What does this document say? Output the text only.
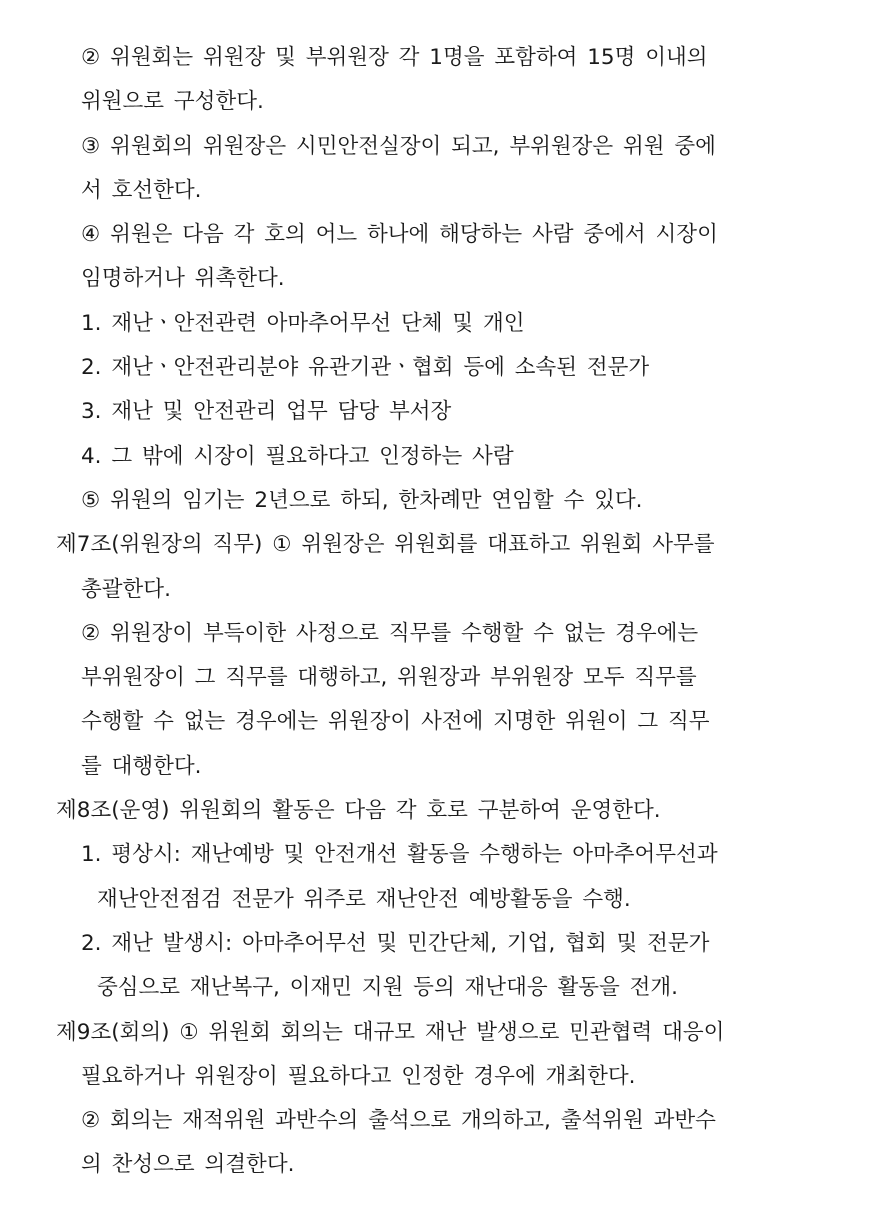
② 위원회는 위원장 및 부위원장 각 1명을 포함하여 15명 이내의
위원으로 구성한다.
③ 위원회의 위원장은 시민안전실장이 되고, 부위원장은 위원 중에
서 호선한다.
④ 위원은 다음 각 호의 어느 하나에 해당하는 사람 중에서 시장이
임명하거나 위촉한다.
1. 재난ㆍ안전관련 아마추어무선 단체 및 개인
2. 재난ㆍ안전관리분야 유관기관ㆍ협회 등에 소속된 전문가
3. 재난 및 안전관리 업무 담당 부서장
4. 그 밖에 시장이 필요하다고 인정하는 사람
⑤ 위원의 임기는 2년으로 하되, 한차례만 연임할 수 있다.
제7조(위원장의 직무) ① 위원장은 위원회를 대표하고 위원회 사무를
총괄한다.
② 위원장이 부득이한 사정으로 직무를 수행할 수 없는 경우에는
부위원장이 그 직무를 대행하고, 위원장과 부위원장 모두 직무를
수행할 수 없는 경우에는 위원장이 사전에 지명한 위원이 그 직무
를 대행한다.
제8조(운영) 위원회의 활동은 다음 각 호로 구분하여 운영한다.
1. 평상시: 재난예방 및 안전개선 활동을 수행하는 아마추어무선과
재난안전점검 전문가 위주로 재난안전 예방활동을 수행.
2. 재난 발생시: 아마추어무선 및 민간단체, 기업, 협회 및 전문가
중심으로 재난복구, 이재민 지원 등의 재난대응 활동을 전개.
제9조(회의) ① 위원회 회의는 대규모 재난 발생으로 민관협력 대응이
필요하거나 위원장이 필요하다고 인정한 경우에 개최한다.
② 회의는 재적위원 과반수의 출석으로 개의하고, 출석위원 과반수
의 찬성으로 의결한다.
